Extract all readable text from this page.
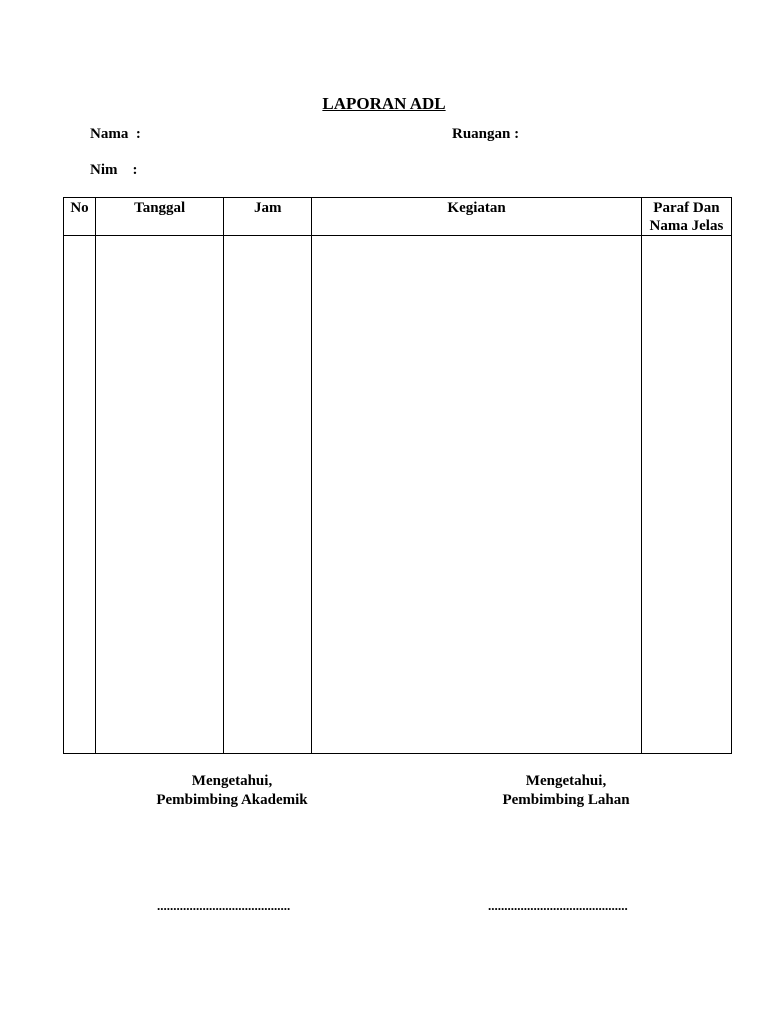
LAPORAN ADL
Nama  :	Ruangan :
Nim    :
No	Tanggal	Jam	Kegiatan	Paraf Dan
Nama Jelas

Mengetahui,
Pembimbing Akademik
Mengetahui,
Pembimbing Lahan
.........................................	...........................................
